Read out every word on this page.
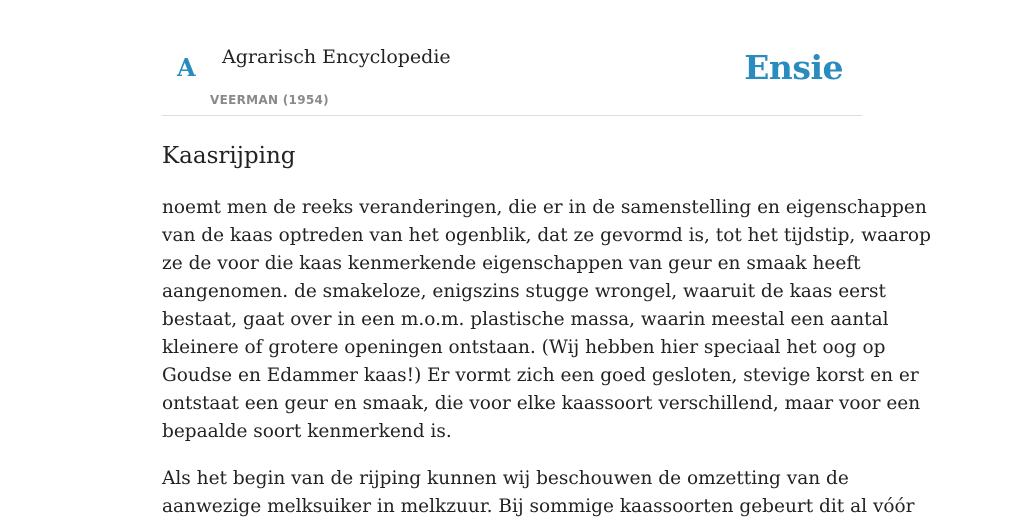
A Agrarisch Encyclopedie
VEERMAN (1954)
Ensie
Kaasrijping

noemt men de reeks veranderingen, die er in de samenstelling en eigenschappen
van de kaas optreden van het ogenblik, dat ze gevormd is, tot het tijdstip, waarop
ze de voor die kaas kenmerkende eigenschappen van geur en smaak heeft
aangenomen. de smakeloze, enigszins stugge wrongel, waaruit de kaas eerst
bestaat, gaat over in een m.o.m. plastische massa, waarin meestal een aantal
kleinere of grotere openingen ontstaan. (Wij hebben hier speciaal het oog op
Goudse en Edammer kaas!) Er vormt zich een goed gesloten, stevige korst en er
ontstaat een geur en smaak, die voor elke kaassoort verschillend, maar voor een
bepaalde soort kenmerkend is.

Als het begin van de rijping kunnen wij beschouwen de omzetting van de
aanwezige melksuiker in melkzuur. Bij sommige kaassoorten gebeurt dit al vóór
